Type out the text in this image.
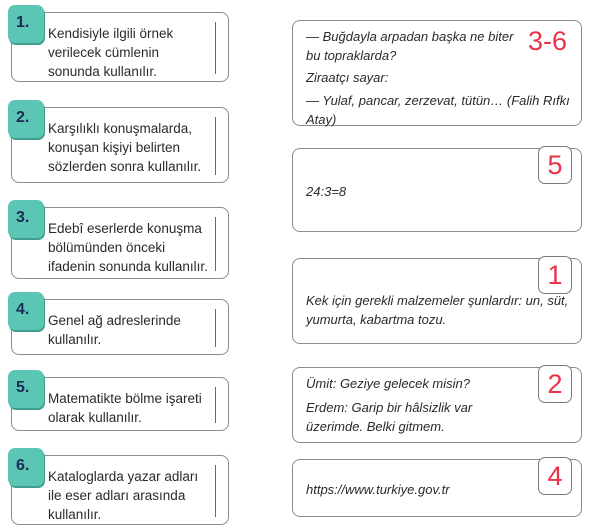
1.
Kendisiyle ilgili örnek verilecek cümlenin sonunda kullanılır.
2.
Karşılıklı konuşmalarda, konuşan kişiyi belirten sözlerden sonra kullanılır.
3.
Edebî eserlerde konuşma bölümünden önceki ifadenin sonunda kullanılır.
4.
Genel ağ adreslerinde kullanılır.
5.
Matematikte bölme işareti olarak kullanılır.
6.
Kataloglarda yazar adları ile eser adları arasında kullanılır.

— Buğdayla arpadan başka ne biter bu topraklarda?

Ziraatçı sayar:

— Yulaf, pancar, zerzevat, tütün… (Falih Rıfkı Atay)

3-6
5

24:3=8

1

Kek için gerekli malzemeler şunlardır: un, süt, yumurta, kabartma tozu.

2

Ümit: Geziye gelecek misin?

Erdem: Garip bir hâlsizlik var üzerimde. Belki gitmem.

4

https://www.turkiye.gov.tr
